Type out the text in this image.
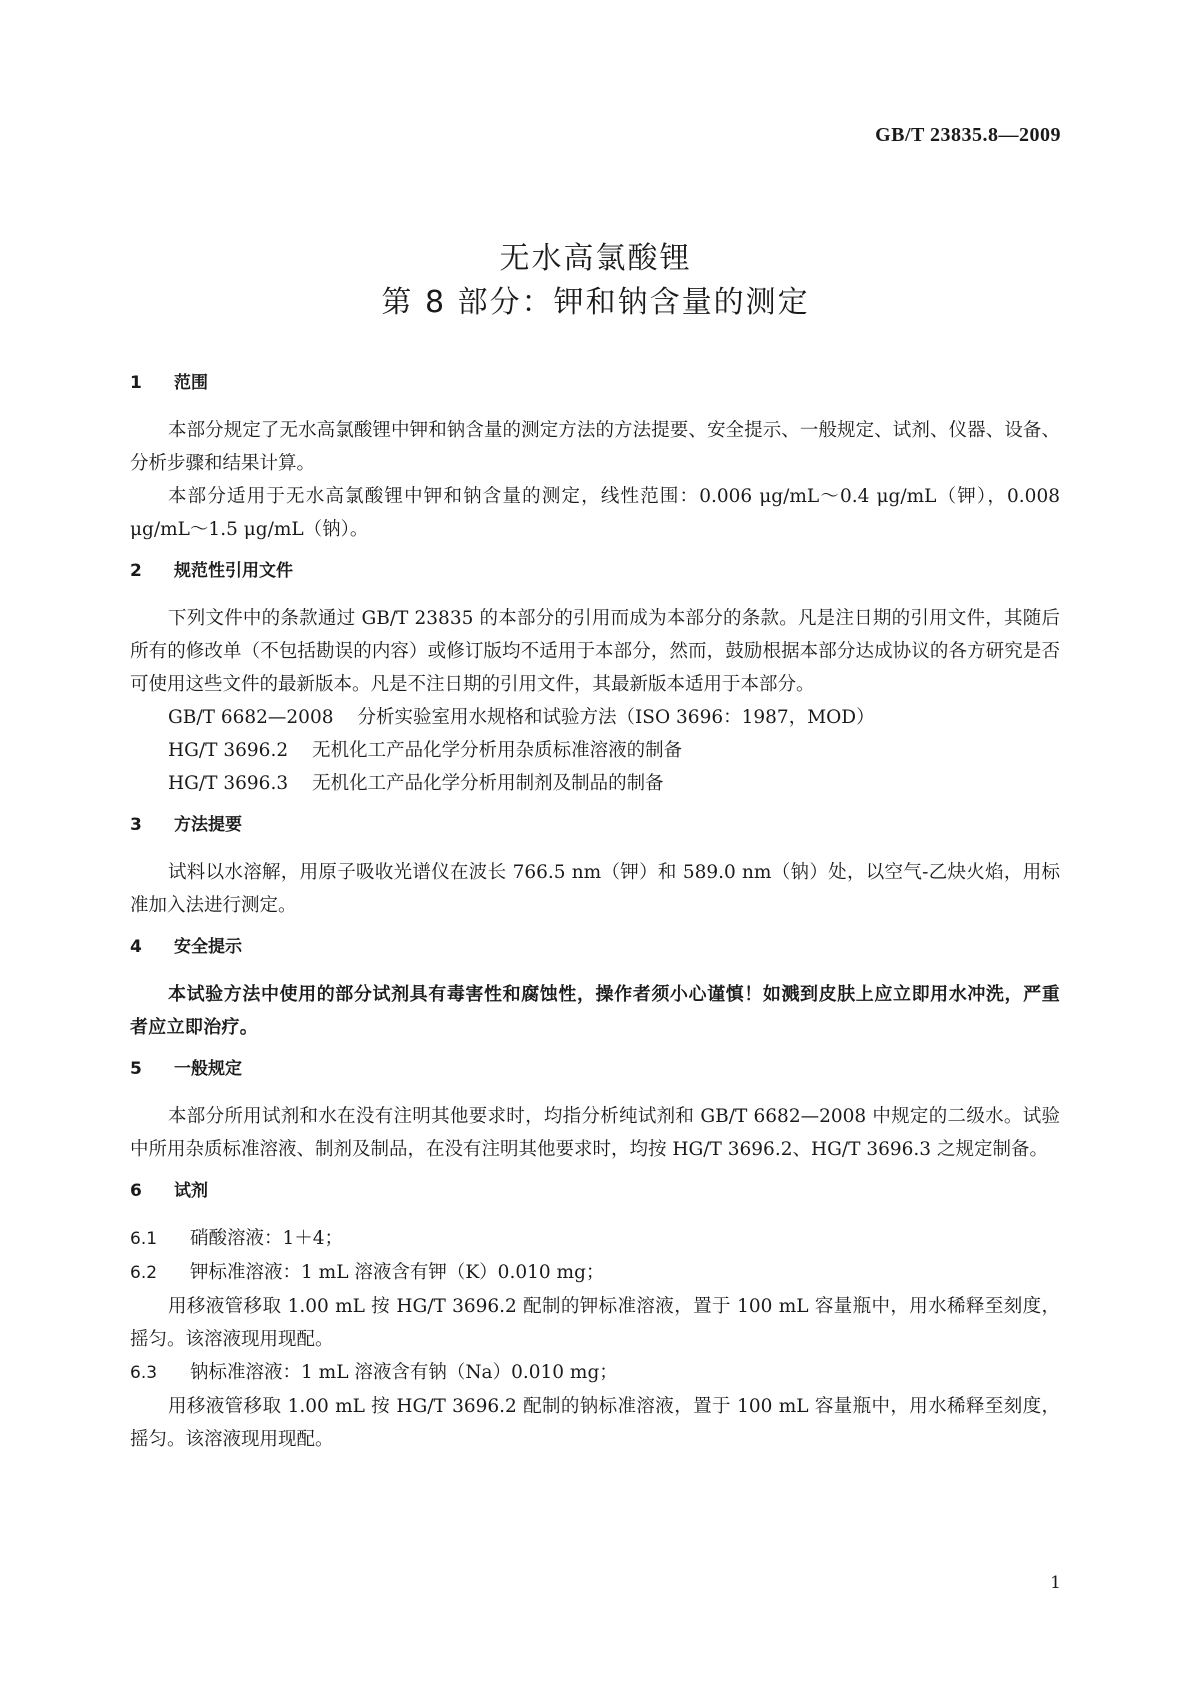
GB/T 23835.8—2009
无水高氯酸锂
第 8 部分：钾和钠含量的测定
1 范围

本部分规定了无水高氯酸锂中钾和钠含量的测定方法的方法提要、安全提示、一般规定、试剂、仪器、设备、分析步骤和结果计算。

本部分适用于无水高氯酸锂中钾和钠含量的测定，线性范围：0.006 μg/mL～0.4 μg/mL（钾），0.008 μg/mL～1.5 μg/mL（钠）。

2 规范性引用文件

下列文件中的条款通过 GB/T 23835 的本部分的引用而成为本部分的条款。凡是注日期的引用文件，其随后所有的修改单（不包括勘误的内容）或修订版均不适用于本部分，然而，鼓励根据本部分达成协议的各方研究是否可使用这些文件的最新版本。凡是不注日期的引用文件，其最新版本适用于本部分。

GB/T 6682—2008 分析实验室用水规格和试验方法（ISO 3696：1987，MOD）

HG/T 3696.2 无机化工产品化学分析用杂质标准溶液的制备

HG/T 3696.3 无机化工产品化学分析用制剂及制品的制备

3 方法提要

试料以水溶解，用原子吸收光谱仪在波长 766.5 nm（钾）和 589.0 nm（钠）处，以空气-乙炔火焰，用标准加入法进行测定。

4 安全提示

本试验方法中使用的部分试剂具有毒害性和腐蚀性，操作者须小心谨慎！如溅到皮肤上应立即用水冲洗，严重者应立即治疗。

5 一般规定

本部分所用试剂和水在没有注明其他要求时，均指分析纯试剂和 GB/T 6682—2008 中规定的二级水。试验中所用杂质标准溶液、制剂及制品，在没有注明其他要求时，均按 HG/T 3696.2、HG/T 3696.3 之规定制备。

6 试剂

6.1 硝酸溶液：1＋4；

6.2 钾标准溶液：1 mL 溶液含有钾（K）0.010 mg；

用移液管移取 1.00 mL 按 HG/T 3696.2 配制的钾标准溶液，置于 100 mL 容量瓶中，用水稀释至刻度，摇匀。该溶液现用现配。

6.3 钠标准溶液：1 mL 溶液含有钠（Na）0.010 mg；

用移液管移取 1.00 mL 按 HG/T 3696.2 配制的钠标准溶液，置于 100 mL 容量瓶中，用水稀释至刻度，摇匀。该溶液现用现配。

1
